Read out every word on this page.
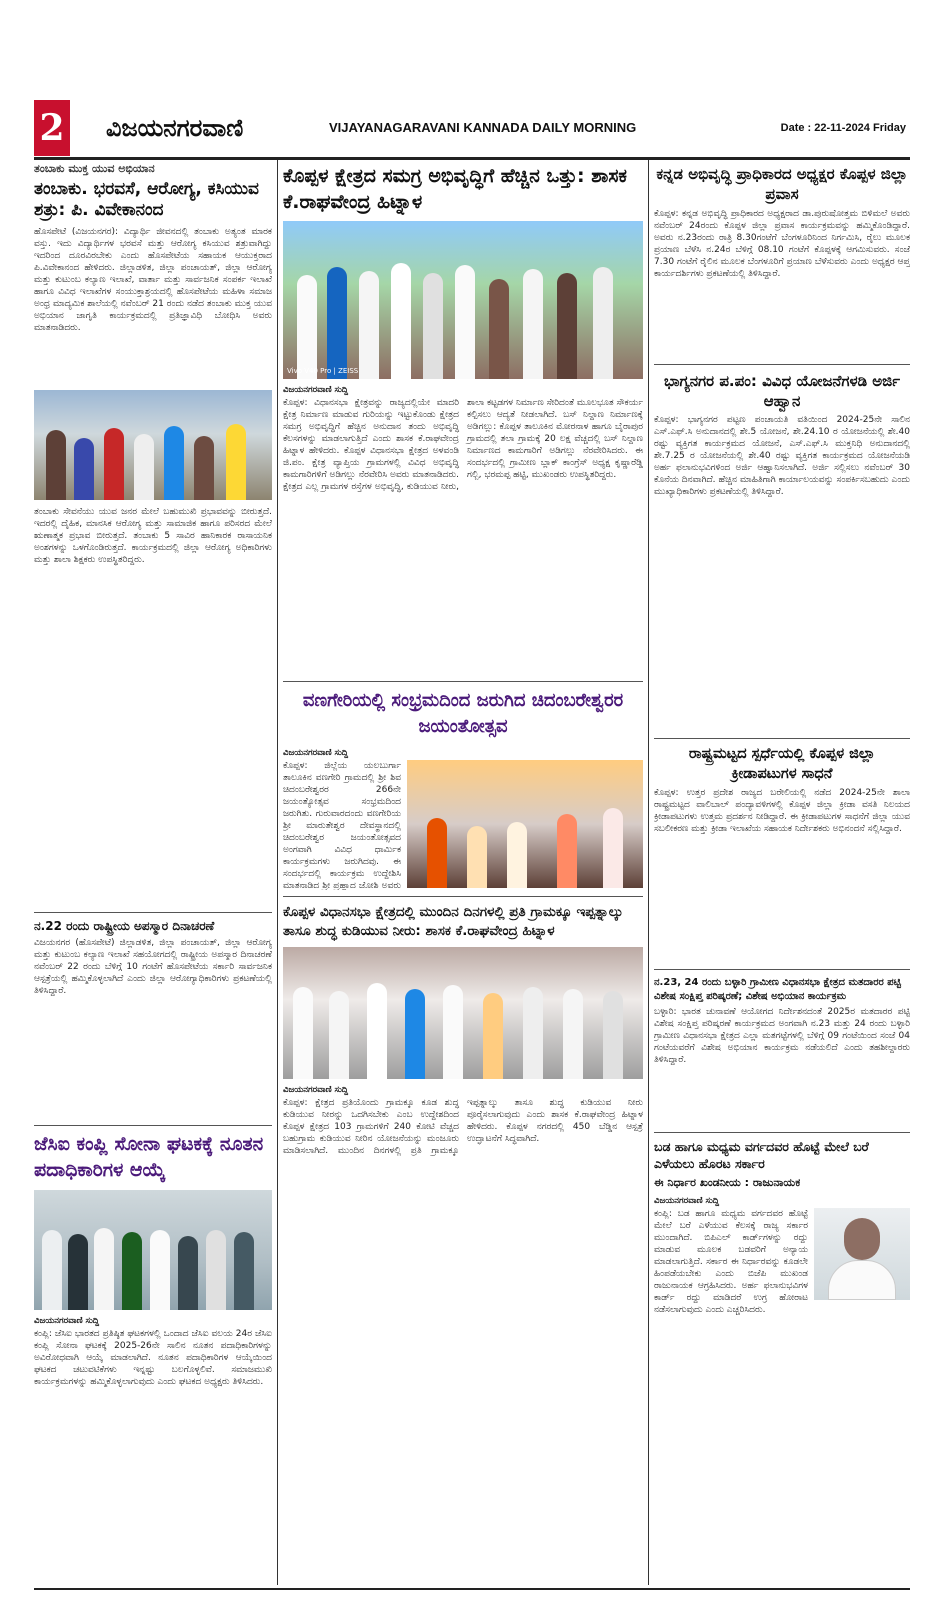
2 ವಿಜಯನಗರವಾಣಿ	VIJAYANAGARAVANI KANNADA DAILY MORNING	Date : 22-11-2024 Friday
ತಂಬಾಕು ಮುಕ್ತ ಯುವ ಅಭಿಯಾನ
ತಂಬಾಕು. ಭರವಸೆ, ಆರೋಗ್ಯ, ಕಸಿಯುವ ಶತ್ರು: ಪಿ. ವಿವೇಕಾನಂದ

ಹೊಸಪೇಟೆ (ವಿಜಯನಗರ): ವಿದ್ಯಾರ್ಥಿ ಜೀವನದಲ್ಲಿ ತಂಬಾಕು ಅತ್ಯಂತ ಮಾರಕ ವಸ್ತು. ಇದು ವಿದ್ಯಾರ್ಥಿಗಳ ಭರವಸೆ ಮತ್ತು ಆರೋಗ್ಯ ಕಸಿಯುವ ಶತ್ರುವಾಗಿದ್ದು ಇದರಿಂದ ದೂರವಿರಬೇಕು ಎಂದು ಹೊಸಪೇಟೆಯ ಸಹಾಯಕ ಆಯುಕ್ತರಾದ ಪಿ.ವಿವೇಕಾನಂದ ಹೇಳಿದರು. ಜಿಲ್ಲಾಡಳಿತ, ಜಿಲ್ಲಾ ಪಂಚಾಯತ್, ಜಿಲ್ಲಾ ಆರೋಗ್ಯ ಮತ್ತು ಕುಟುಂಬ ಕಲ್ಯಾಣ ಇಲಾಖೆ, ವಾರ್ತಾ ಮತ್ತು ಸಾರ್ವಜನಿಕ ಸಂಪರ್ಕ ಇಲಾಖೆ ಹಾಗೂ ವಿವಿಧ ಇಲಾಖೆಗಳ ಸಂಯುಕ್ತಾಶ್ರಯದಲ್ಲಿ ಹೊಸಪೇಟೆಯ ಮಹಿಳಾ ಸಮಾಜ ಅಂಧ್ರ ಮಾದ್ಯಮಿಕ ಶಾಲೆಯಲ್ಲಿ ನವೆಂಬರ್ 21 ರಂದು ನಡೆದ ತಂಬಾಕು ಮುಕ್ತ ಯುವ ಅಭಿಯಾನ ಜಾಗೃತಿ ಕಾರ್ಯಕ್ರಮದಲ್ಲಿ ಪ್ರತಿಜ್ಞಾವಿಧಿ ಬೋಧಿಸಿ ಅವರು ಮಾತನಾಡಿದರು.

ತಂಬಾಕು ಸೇವನೆಯು ಯುವ ಜನರ ಮೇಲೆ ಬಹುಮುಖಿ ಪ್ರಭಾವವನ್ನು ಬೀರುತ್ತದೆ. ಇದರಲ್ಲಿ ದೈಹಿಕ, ಮಾನಸಿಕ ಆರೋಗ್ಯ ಮತ್ತು ಸಾಮಾಜಿಕ ಹಾಗೂ ಪರಿಸರದ ಮೇಲೆ ಋಣಾತ್ಮಕ ಪ್ರಭಾವ ಬೀರುತ್ತದೆ. ತಂಬಾಕು 5 ಸಾವಿರ ಹಾನಿಕಾರಕ ರಾಸಾಯನಿಕ ಅಂಶಗಳನ್ನು ಒಳಗೊಂಡಿರುತ್ತದೆ. ಕಾರ್ಯಕ್ರಮದಲ್ಲಿ ಜಿಲ್ಲಾ ಆರೋಗ್ಯ ಅಧಿಕಾರಿಗಳು ಮತ್ತು ಶಾಲಾ ಶಿಕ್ಷಕರು ಉಪಸ್ಥಿತರಿದ್ದರು.

ನ.22 ರಂದು ರಾಷ್ಟ್ರೀಯ ಅಪಸ್ಮಾರ ದಿನಾಚರಣೆ

ವಿಜಯನಗರ (ಹೊಸಪೇಟೆ) ಜಿಲ್ಲಾಡಳಿತ, ಜಿಲ್ಲಾ ಪಂಚಾಯತ್, ಜಿಲ್ಲಾ ಆರೋಗ್ಯ ಮತ್ತು ಕುಟುಂಬ ಕಲ್ಯಾಣ ಇಲಾಖೆ ಸಹಯೋಗದಲ್ಲಿ ರಾಷ್ಟ್ರೀಯ ಅಪಸ್ಮಾರ ದಿನಾಚರಣೆ ನವೆಂಬರ್ 22 ರಂದು ಬೆಳಿಗ್ಗೆ 10 ಗಂಟೆಗೆ ಹೊಸಪೇಟೆಯ ಸರ್ಕಾರಿ ಸಾರ್ವಜನಿಕ ಆಸ್ಪತ್ರೆಯಲ್ಲಿ ಹಮ್ಮಿಕೊಳ್ಳಲಾಗಿದೆ ಎಂದು ಜಿಲ್ಲಾ ಆರೋಗ್ಯಾಧಿಕಾರಿಗಳು ಪ್ರಕಟಣೆಯಲ್ಲಿ ತಿಳಿಸಿದ್ದಾರೆ.

ಜೆಸಿಐ ಕಂಪ್ಲಿ ಸೋನಾ ಘಟಕಕ್ಕೆ ನೂತನ ಪದಾಧಿಕಾರಿಗಳ ಆಯ್ಕೆ
ವಿಜಯನಗರವಾಣಿ ಸುದ್ದಿ

ಕಂಪ್ಲಿ: ಜೆಸಿಐ ಭಾರತದ ಪ್ರತಿಷ್ಠಿತ ಘಟಕಗಳಲ್ಲಿ ಒಂದಾದ ಜೆಸಿಐ ವಲಯ 24ರ ಜೆಸಿಐ ಕಂಪ್ಲಿ ಸೋನಾ ಘಟಕಕ್ಕೆ 2025-26ನೇ ಸಾಲಿನ ನೂತನ ಪದಾಧಿಕಾರಿಗಳನ್ನು ಅವಿರೋಧವಾಗಿ ಆಯ್ಕೆ ಮಾಡಲಾಗಿದೆ. ನೂತನ ಪದಾಧಿಕಾರಿಗಳ ಆಯ್ಕೆಯಿಂದ ಘಟಕದ ಚಟುವಟಿಕೆಗಳು ಇನ್ನಷ್ಟು ಬಲಗೊಳ್ಳಲಿವೆ. ಸಮಾಜಮುಖಿ ಕಾರ್ಯಕ್ರಮಗಳನ್ನು ಹಮ್ಮಿಕೊಳ್ಳಲಾಗುವುದು ಎಂದು ಘಟಕದ ಅಧ್ಯಕ್ಷರು ತಿಳಿಸಿದರು.

ಕೊಪ್ಪಳ ಕ್ಷೇತ್ರದ ಸಮಗ್ರ ಅಭಿವೃದ್ಧಿಗೆ ಹೆಚ್ಚಿನ ಒತ್ತು: ಶಾಸಕ ಕೆ.ರಾಘವೇಂದ್ರ ಹಿಟ್ನಾಳ
Vivo V40 Pro | ZEISS
ವಿಜಯನಗರವಾಣಿ ಸುದ್ದಿ

ಕೊಪ್ಪಳ: ವಿಧಾನಸಭಾ ಕ್ಷೇತ್ರವನ್ನು ರಾಜ್ಯದಲ್ಲಿಯೇ ಮಾದರಿ ಕ್ಷೇತ್ರ ನಿರ್ಮಾಣ ಮಾಡುವ ಗುರಿಯನ್ನು ಇಟ್ಟುಕೊಂಡು ಕ್ಷೇತ್ರದ ಸಮಗ್ರ ಅಭಿವೃದ್ಧಿಗೆ ಹೆಚ್ಚಿನ ಅನುದಾನ ತಂದು ಅಭಿವೃದ್ಧಿ ಕೆಲಸಗಳನ್ನು ಮಾಡಲಾಗುತ್ತಿದೆ ಎಂದು ಶಾಸಕ ಕೆ.ರಾಘವೇಂದ್ರ ಹಿಟ್ನಾಳ ಹೇಳಿದರು. ಕೊಪ್ಪಳ ವಿಧಾನಸಭಾ ಕ್ಷೇತ್ರದ ಅಳವಂಡಿ ಜಿ.ಪಂ. ಕ್ಷೇತ್ರ ವ್ಯಾಪ್ತಿಯ ಗ್ರಾಮಗಳಲ್ಲಿ ವಿವಿಧ ಅಭಿವೃದ್ಧಿ ಕಾಮಗಾರಿಗಳಿಗೆ ಅಡಿಗಲ್ಲು ನೆರವೇರಿಸಿ ಅವರು ಮಾತನಾಡಿದರು. ಕ್ಷೇತ್ರದ ಎಲ್ಲ ಗ್ರಾಮಗಳ ರಸ್ತೆಗಳ ಅಭಿವೃದ್ಧಿ, ಕುಡಿಯುವ ನೀರು, ಶಾಲಾ ಕಟ್ಟಡಗಳ ನಿರ್ಮಾಣ ಸೇರಿದಂತೆ ಮೂಲಭೂತ ಸೌಕರ್ಯ ಕಲ್ಪಿಸಲು ಆದ್ಯತೆ ನೀಡಲಾಗಿದೆ. ಬಸ್ ನಿಲ್ದಾಣ ನಿರ್ಮಾಣಕ್ಕೆ ಅಡಿಗಲ್ಲು: ಕೊಪ್ಪಳ ತಾಲೂಕಿನ ಮೋರನಾಳ ಹಾಗೂ ಬೈರಾಪುರ ಗ್ರಾಮದಲ್ಲಿ ತಲಾ ಗ್ರಾಮಕ್ಕೆ 20 ಲಕ್ಷ ವೆಚ್ಚದಲ್ಲಿ ಬಸ್ ನಿಲ್ದಾಣ ನಿರ್ಮಾಣದ ಕಾಮಗಾರಿಗೆ ಅಡಿಗಲ್ಲು ನೆರವೇರಿಸಿದರು. ಈ ಸಂದರ್ಭದಲ್ಲಿ ಗ್ರಾಮೀಣ ಬ್ಲಾಕ್ ಕಾಂಗ್ರೆಸ್ ಅಧ್ಯಕ್ಷ ಕೃಷ್ಣಾರೆಡ್ಡಿ ಗಲ್ಬಿ, ಭರಮಪ್ಪ ಹಟ್ಟಿ, ಮುಖಂಡರು ಉಪಸ್ಥಿತರಿದ್ದರು.

ವಣಗೇರಿಯಲ್ಲಿ ಸಂಭ್ರಮದಿಂದ ಜರುಗಿದ ಚಿದಂಬರೇಶ್ವರರ ಜಯಂತೋತ್ಸವ
ವಿಜಯನಗರವಾಣಿ ಸುದ್ದಿ

ಕೊಪ್ಪಳ: ಜಿಲ್ಲೆಯ ಯಲಬುರ್ಗಾ ತಾಲೂಕಿನ ವಣಗೇರಿ ಗ್ರಾಮದಲ್ಲಿ ಶ್ರೀ ಶಿವ ಚಿದಂಬರೇಶ್ವರರ 266ನೇ ಜಯಂತ್ಯೋತ್ಸವ ಸಂಭ್ರಮದಿಂದ ಜರುಗಿತು. ಗುರುವಾರದಂದು ವಣಗೇರಿಯ ಶ್ರೀ ಮಾರುತೇಶ್ವರ ದೇವಸ್ಥಾನದಲ್ಲಿ ಚಿದಂಬರೇಶ್ವರ ಜಯಂತೋತ್ಸವದ ಅಂಗವಾಗಿ ವಿವಿಧ ಧಾರ್ಮಿಕ ಕಾರ್ಯಕ್ರಮಗಳು ಜರುಗಿದವು. ಈ ಸಂದರ್ಭದಲ್ಲಿ ಕಾರ್ಯಕ್ರಮ ಉದ್ದೇಶಿಸಿ ಮಾತನಾಡಿದ ಶ್ರೀ ಪ್ರಹ್ಲಾದ ಜೋಶಿ ಅವರು

ಕೊಪ್ಪಳ ವಿಧಾನಸಭಾ ಕ್ಷೇತ್ರದಲ್ಲಿ ಮುಂದಿನ ದಿನಗಳಲ್ಲಿ ಪ್ರತಿ ಗ್ರಾಮಕ್ಕೂ ಇಪ್ಪತ್ನಾಲ್ಕು ತಾಸೂ ಶುದ್ಧ ಕುಡಿಯುವ ನೀರು: ಶಾಸಕ ಕೆ.ರಾಘವೇಂದ್ರ ಹಿಟ್ನಾಳ
ವಿಜಯನಗರವಾಣಿ ಸುದ್ದಿ

ಕೊಪ್ಪಳ: ಕ್ಷೇತ್ರದ ಪ್ರತಿಯೊಂದು ಗ್ರಾಮಕ್ಕೂ ಕೂಡ ಶುದ್ಧ ಕುಡಿಯುವ ನೀರನ್ನು ಒದಗಿಸಬೇಕು ಎಂಬ ಉದ್ದೇಶದಿಂದ ಕೊಪ್ಪಳ ಕ್ಷೇತ್ರದ 103 ಗ್ರಾಮಗಳಿಗೆ 240 ಕೋಟಿ ವೆಚ್ಚದ ಬಹುಗ್ರಾಮ ಕುಡಿಯುವ ನೀರಿನ ಯೋಜನೆಯನ್ನು ಮಂಜೂರು ಮಾಡಿಸಲಾಗಿದೆ. ಮುಂದಿನ ದಿನಗಳಲ್ಲಿ ಪ್ರತಿ ಗ್ರಾಮಕ್ಕೂ ಇಪ್ಪತ್ನಾಲ್ಕು ತಾಸೂ ಶುದ್ಧ ಕುಡಿಯುವ ನೀರು ಪೂರೈಸಲಾಗುವುದು ಎಂದು ಶಾಸಕ ಕೆ.ರಾಘವೇಂದ್ರ ಹಿಟ್ನಾಳ ಹೇಳಿದರು. ಕೊಪ್ಪಳ ನಗರದಲ್ಲಿ 450 ಬೆಡ್ಡಿನ ಆಸ್ಪತ್ರೆ ಉದ್ಘಾಟನೆಗೆ ಸಿದ್ಧವಾಗಿದೆ.

ಕನ್ನಡ ಅಭಿವೃದ್ಧಿ ಪ್ರಾಧಿಕಾರದ ಅಧ್ಯಕ್ಷರ ಕೊಪ್ಪಳ ಜಿಲ್ಲಾ ಪ್ರವಾಸ

ಕೊಪ್ಪಳ: ಕನ್ನಡ ಅಭಿವೃದ್ಧಿ ಪ್ರಾಧಿಕಾರದ ಅಧ್ಯಕ್ಷರಾದ ಡಾ.ಪುರುಷೋತ್ತಮ ಬಿಳಿಮಲೆ ಅವರು ನವೆಂಬರ್ 24ರಂದು ಕೊಪ್ಪಳ ಜಿಲ್ಲಾ ಪ್ರವಾಸ ಕಾರ್ಯಕ್ರಮವನ್ನು ಹಮ್ಮಿಕೊಂಡಿದ್ದಾರೆ. ಅವರು ನ.23ರಂದು ರಾತ್ರಿ 8.30ಗಂಟೆಗೆ ಬೆಂಗಳೂರಿನಿಂದ ನಿರ್ಗಮಿಸಿ, ರೈಲು ಮೂಲಕ ಪ್ರಯಾಣ ಬೆಳೆಸಿ ನ.24ರ ಬೆಳಿಗ್ಗೆ 08.10 ಗಂಟೆಗೆ ಕೊಪ್ಪಳಕ್ಕೆ ಆಗಮಿಸುವರು. ಸಂಜೆ 7.30 ಗಂಟೆಗೆ ರೈಲಿನ ಮೂಲಕ ಬೆಂಗಳೂರಿಗೆ ಪ್ರಯಾಣ ಬೆಳೆಸುವರು ಎಂದು ಅಧ್ಯಕ್ಷರ ಆಪ್ತ ಕಾರ್ಯದರ್ಶಿಗಳು ಪ್ರಕಟಣೆಯಲ್ಲಿ ತಿಳಿಸಿದ್ದಾರೆ.

ಭಾಗ್ಯನಗರ ಪ.ಪಂ: ವಿವಿಧ ಯೋಜನೆಗಳಡಿ ಅರ್ಜಿ ಆಹ್ವಾನ

ಕೊಪ್ಪಳ: ಭಾಗ್ಯನಗರ ಪಟ್ಟಣ ಪಂಚಾಯತಿ ವತಿಯಿಂದ 2024-25ನೇ ಸಾಲಿನ ಎಸ್.ಎಫ್.ಸಿ ಅನುದಾನದಲ್ಲಿ ಶೇ.5 ಯೋಜನೆ, ಶೇ.24.10 ರ ಯೋಜನೆಯಲ್ಲಿ ಶೇ.40 ರಷ್ಟು ವ್ಯಕ್ತಿಗತ ಕಾರ್ಯಕ್ರಮದ ಯೋಜನೆ, ಎಸ್.ಎಫ್.ಸಿ ಮುಕ್ತನಿಧಿ ಅನುದಾನದಲ್ಲಿ ಶೇ.7.25 ರ ಯೋಜನೆಯಲ್ಲಿ ಶೇ.40 ರಷ್ಟು ವ್ಯಕ್ತಿಗತ ಕಾರ್ಯಕ್ರಮದ ಯೋಜನೆಯಡಿ ಅರ್ಹ ಫಲಾನುಭವಿಗಳಿಂದ ಅರ್ಜಿ ಆಹ್ವಾನಿಸಲಾಗಿದೆ. ಅರ್ಜಿ ಸಲ್ಲಿಸಲು ನವೆಂಬರ್ 30 ಕೊನೆಯ ದಿನವಾಗಿದೆ. ಹೆಚ್ಚಿನ ಮಾಹಿತಿಗಾಗಿ ಕಾರ್ಯಾಲಯವನ್ನು ಸಂಪರ್ಕಿಸಬಹುದು ಎಂದು ಮುಖ್ಯಾಧಿಕಾರಿಗಳು ಪ್ರಕಟಣೆಯಲ್ಲಿ ತಿಳಿಸಿದ್ದಾರೆ.

ರಾಷ್ಟ್ರಮಟ್ಟದ ಸ್ಪರ್ಧೆಯಲ್ಲಿ ಕೊಪ್ಪಳ ಜಿಲ್ಲಾ ಕ್ರೀಡಾಪಟುಗಳ ಸಾಧನೆ

ಕೊಪ್ಪಳ: ಉತ್ತರ ಪ್ರದೇಶ ರಾಜ್ಯದ ಬರೇಲಿಯಲ್ಲಿ ನಡೆದ 2024-25ನೇ ಶಾಲಾ ರಾಷ್ಟ್ರಮಟ್ಟದ ವಾಲಿಬಾಲ್ ಪಂದ್ಯಾವಳಿಗಳಲ್ಲಿ ಕೊಪ್ಪಳ ಜಿಲ್ಲಾ ಕ್ರೀಡಾ ವಸತಿ ನಿಲಯದ ಕ್ರೀಡಾಪಟುಗಳು ಉತ್ತಮ ಪ್ರದರ್ಶನ ನೀಡಿದ್ದಾರೆ. ಈ ಕ್ರೀಡಾಪಟುಗಳ ಸಾಧನೆಗೆ ಜಿಲ್ಲಾ ಯುವ ಸಬಲೀಕರಣ ಮತ್ತು ಕ್ರೀಡಾ ಇಲಾಖೆಯ ಸಹಾಯಕ ನಿರ್ದೇಶಕರು ಅಭಿನಂದನೆ ಸಲ್ಲಿಸಿದ್ದಾರೆ.

ನ.23, 24 ರಂದು ಬಳ್ಳಾರಿ ಗ್ರಾಮೀಣ ವಿಧಾನಸಭಾ ಕ್ಷೇತ್ರದ ಮತದಾರರ ಪಟ್ಟಿ ವಿಶೇಷ ಸಂಕ್ಷಿಪ್ತ ಪರಿಷ್ಕರಣೆ; ವಿಶೇಷ ಅಭಿಯಾನ ಕಾರ್ಯಕ್ರಮ

ಬಳ್ಳಾರಿ: ಭಾರತ ಚುನಾವಣೆ ಆಯೋಗದ ನಿರ್ದೇಶನದಂತೆ 2025ರ ಮತದಾರರ ಪಟ್ಟಿ ವಿಶೇಷ ಸಂಕ್ಷಿಪ್ತ ಪರಿಷ್ಕರಣೆ ಕಾರ್ಯಕ್ರಮದ ಅಂಗವಾಗಿ ನ.23 ಮತ್ತು 24 ರಂದು ಬಳ್ಳಾರಿ ಗ್ರಾಮೀಣ ವಿಧಾನಸಭಾ ಕ್ಷೇತ್ರದ ಎಲ್ಲಾ ಮತಗಟ್ಟೆಗಳಲ್ಲಿ ಬೆಳಿಗ್ಗೆ 09 ಗಂಟೆಯಿಂದ ಸಂಜೆ 04 ಗಂಟೆಯವರೆಗೆ ವಿಶೇಷ ಅಭಿಯಾನ ಕಾರ್ಯಕ್ರಮ ನಡೆಯಲಿದೆ ಎಂದು ತಹಶೀಲ್ದಾರರು ತಿಳಿಸಿದ್ದಾರೆ.

ಬಡ ಹಾಗೂ ಮಧ್ಯಮ ವರ್ಗದವರ ಹೊಟ್ಟೆ ಮೇಲೆ ಬರೆ ಎಳೆಯಲು ಹೊರಟ ಸರ್ಕಾರ
ಈ ನಿರ್ಧಾರ ಖಂಡನೀಯ : ರಾಜುನಾಯಕ
ವಿಜಯನಗರವಾಣಿ ಸುದ್ದಿ

ಕಂಪ್ಲಿ: ಬಡ ಹಾಗೂ ಮಧ್ಯಮ ವರ್ಗದವರ ಹೊಟ್ಟೆ ಮೇಲೆ ಬರೆ ಎಳೆಯುವ ಕೆಲಸಕ್ಕೆ ರಾಜ್ಯ ಸರ್ಕಾರ ಮುಂದಾಗಿದೆ. ಬಿಪಿಎಲ್ ಕಾರ್ಡ್‌ಗಳನ್ನು ರದ್ದು ಮಾಡುವ ಮೂಲಕ ಬಡವರಿಗೆ ಅನ್ಯಾಯ ಮಾಡಲಾಗುತ್ತಿದೆ. ಸರ್ಕಾರ ಈ ನಿರ್ಧಾರವನ್ನು ಕೂಡಲೇ ಹಿಂಪಡೆಯಬೇಕು ಎಂದು ಬಿಜೆಪಿ ಮುಖಂಡ ರಾಜುನಾಯಕ ಆಗ್ರಹಿಸಿದರು. ಅರ್ಹ ಫಲಾನುಭವಿಗಳ ಕಾರ್ಡ್ ರದ್ದು ಮಾಡಿದರೆ ಉಗ್ರ ಹೋರಾಟ ನಡೆಸಲಾಗುವುದು ಎಂದು ಎಚ್ಚರಿಸಿದರು.
